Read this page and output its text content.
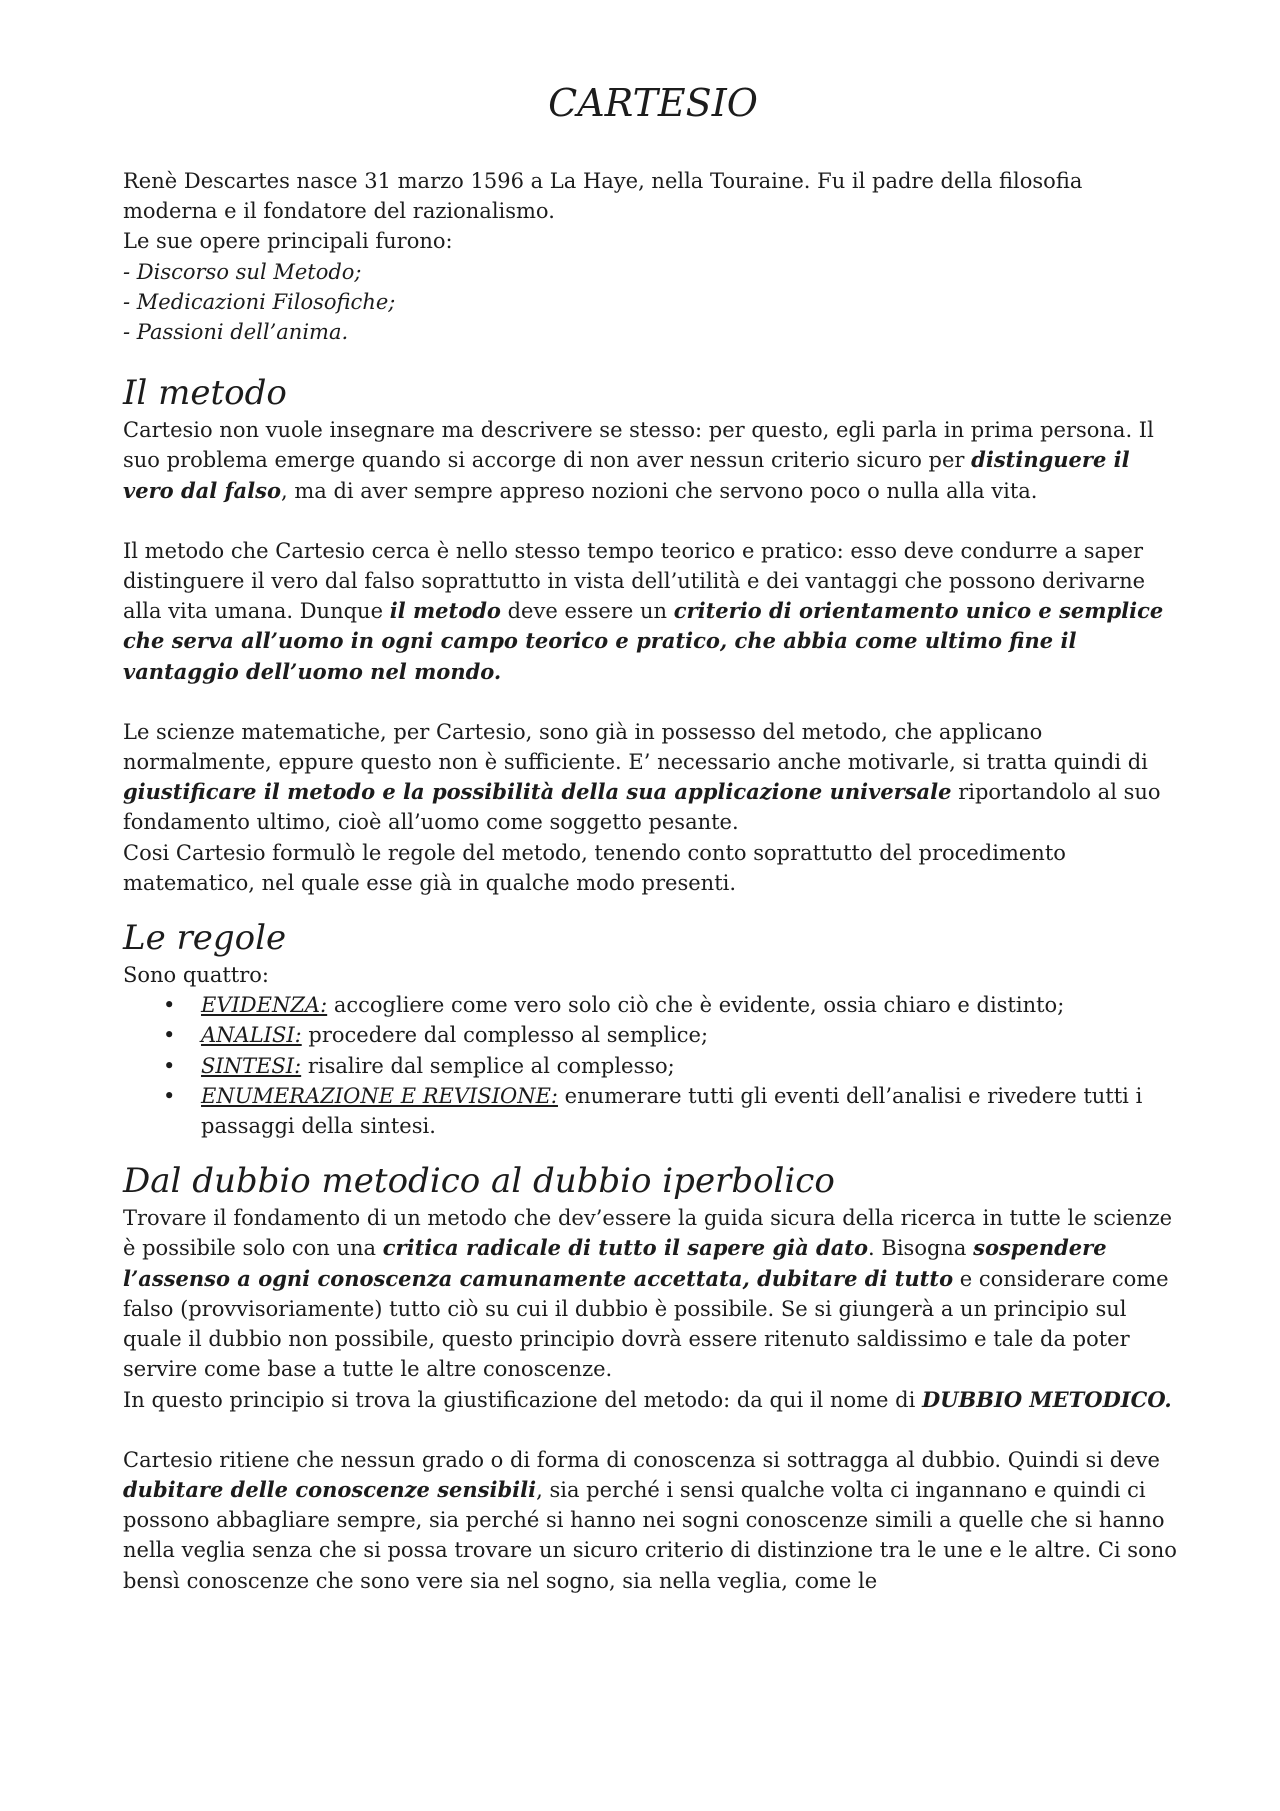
CARTESIO

Renè Descartes nasce 31 marzo 1596 a La Haye, nella Touraine. Fu il padre della filosofia moderna e il fondatore del razionalismo.

Le sue opere principali furono:

- Discorso sul Metodo;

- Medicazioni Filosofiche;

- Passioni dell’anima.

Il metodo

Cartesio non vuole insegnare ma descrivere se stesso: per questo, egli parla in prima persona. Il suo problema emerge quando si accorge di non aver nessun criterio sicuro per distinguere il vero dal falso, ma di aver sempre appreso nozioni che servono poco o nulla alla vita.

Il metodo che Cartesio cerca è nello stesso tempo teorico e pratico: esso deve condurre a saper distinguere il vero dal falso soprattutto in vista dell’utilità e dei vantaggi che possono derivarne alla vita umana. Dunque il metodo deve essere un criterio di orientamento unico e semplice che serva all’uomo in ogni campo teorico e pratico, che abbia come ultimo fine il vantaggio dell’uomo nel mondo.

Le scienze matematiche, per Cartesio, sono già in possesso del metodo, che applicano normalmente, eppure questo non è sufficiente. E’ necessario anche motivarle, si tratta quindi di giustificare il metodo e la possibilità della sua applicazione universale riportandolo al suo fondamento ultimo, cioè all’uomo come soggetto pesante.

Cosi Cartesio formulò le regole del metodo, tenendo conto soprattutto del procedimento matematico, nel quale esse già in qualche modo presenti.

Le regole

Sono quattro:

• EVIDENZA: accogliere come vero solo ciò che è evidente, ossia chiaro e distinto;
• ANALISI: procedere dal complesso al semplice;
• SINTESI: risalire dal semplice al complesso;
• ENUMERAZIONE E REVISIONE: enumerare tutti gli eventi dell’analisi e rivedere tutti i passaggi della sintesi.
Dal dubbio metodico al dubbio iperbolico

Trovare il fondamento di un metodo che dev’essere la guida sicura della ricerca in tutte le scienze è possibile solo con una critica radicale di tutto il sapere già dato. Bisogna sospendere l’assenso a ogni conoscenza camunamente accettata, dubitare di tutto e considerare come falso (provvisoriamente) tutto ciò su cui il dubbio è possibile. Se si giungerà a un principio sul quale il dubbio non possibile, questo principio dovrà essere ritenuto saldissimo e tale da poter servire come base a tutte le altre conoscenze.

In questo principio si trova la giustificazione del metodo: da qui il nome di DUBBIO METODICO.

Cartesio ritiene che nessun grado o di forma di conoscenza si sottragga al dubbio. Quindi si deve dubitare delle conoscenze sensibili, sia perché i sensi qualche volta ci ingannano e quindi ci possono abbagliare sempre, sia perché si hanno nei sogni conoscenze simili a quelle che si hanno nella veglia senza che si possa trovare un sicuro criterio di distinzione tra le une e le altre. Ci sono bensì conoscenze che sono vere sia nel sogno, sia nella veglia, come le
